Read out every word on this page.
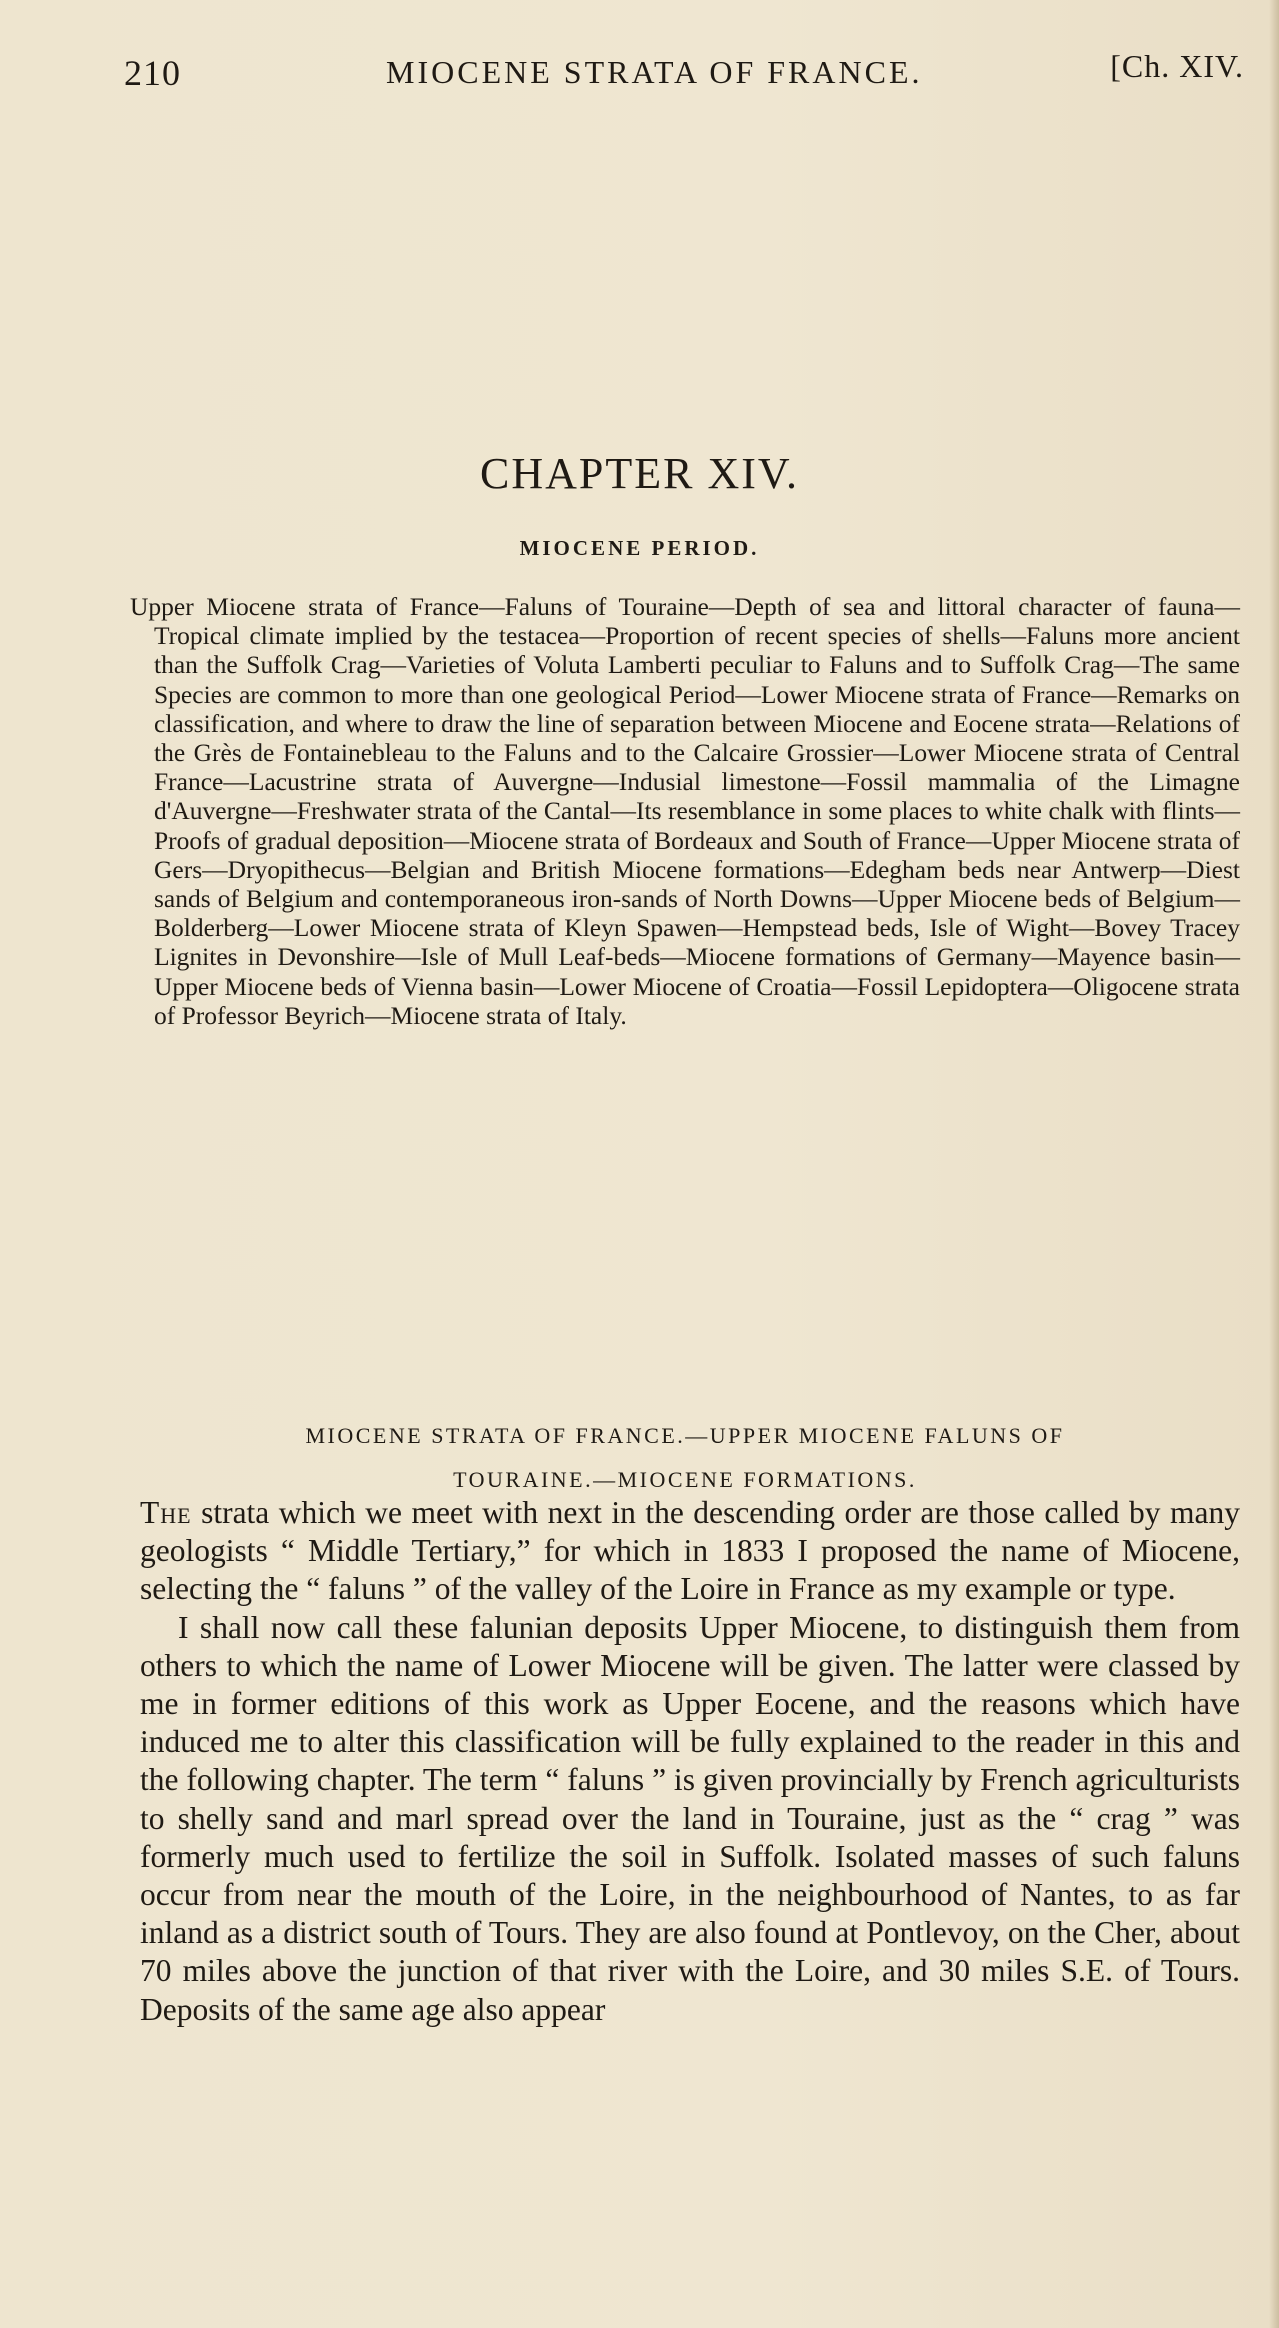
210	MIOCENE STRATA OF FRANCE.	[Ch. XIV.
CHAPTER XIV.
MIOCENE PERIOD.
Upper Miocene strata of France—Faluns of Touraine—Depth of sea and littoral character of fauna—Tropical climate implied by the testacea—Proportion of recent species of shells—Faluns more ancient than the Suffolk Crag—Varieties of Voluta Lamberti peculiar to Faluns and to Suffolk Crag—The same Species are common to more than one geological Period—Lower Miocene strata of France—Remarks on classification, and where to draw the line of separation between Miocene and Eocene strata—Relations of the Grès de Fontainebleau to the Faluns and to the Calcaire Grossier—Lower Miocene strata of Central France—Lacustrine strata of Auvergne—Indusial limestone—Fossil mammalia of the Limagne d'Auvergne—Freshwater strata of the Cantal—Its resemblance in some places to white chalk with flints—Proofs of gradual deposition—Miocene strata of Bordeaux and South of France—Upper Miocene strata of Gers—Dryopithecus—Belgian and British Miocene formations—Edegham beds near Antwerp—Diest sands of Belgium and contemporaneous iron-sands of North Downs—Upper Miocene beds of Belgium—Bolderberg—Lower Miocene strata of Kleyn Spawen—Hempstead beds, Isle of Wight—Bovey Tracey Lignites in Devonshire—Isle of Mull Leaf-beds—Miocene formations of Germany—Mayence basin—Upper Miocene beds of Vienna basin—Lower Miocene of Croatia—Fossil Lepidoptera—Oligocene strata of Professor Beyrich—Miocene strata of Italy.
MIOCENE STRATA OF FRANCE.—UPPER MIOCENE FALUNS OF
TOURAINE.—MIOCENE FORMATIONS.

The strata which we meet with next in the descending order are those called by many geologists “ Middle Tertiary,” for which in 1833 I proposed the name of Miocene, selecting the “ faluns ” of the valley of the Loire in France as my example or type.

I shall now call these falunian deposits Upper Miocene, to distinguish them from others to which the name of Lower Miocene will be given. The latter were classed by me in former editions of this work as Upper Eocene, and the reasons which have induced me to alter this classification will be fully explained to the reader in this and the following chapter. The term “ faluns ” is given provincially by French agriculturists to shelly sand and marl spread over the land in Touraine, just as the “ crag ” was formerly much used to fertilize the soil in Suffolk. Isolated masses of such faluns occur from near the mouth of the Loire, in the neighbourhood of Nantes, to as far inland as a district south of Tours. They are also found at Pontlevoy, on the Cher, about 70 miles above the junction of that river with the Loire, and 30 miles S.E. of Tours. Deposits of the same age also appear
